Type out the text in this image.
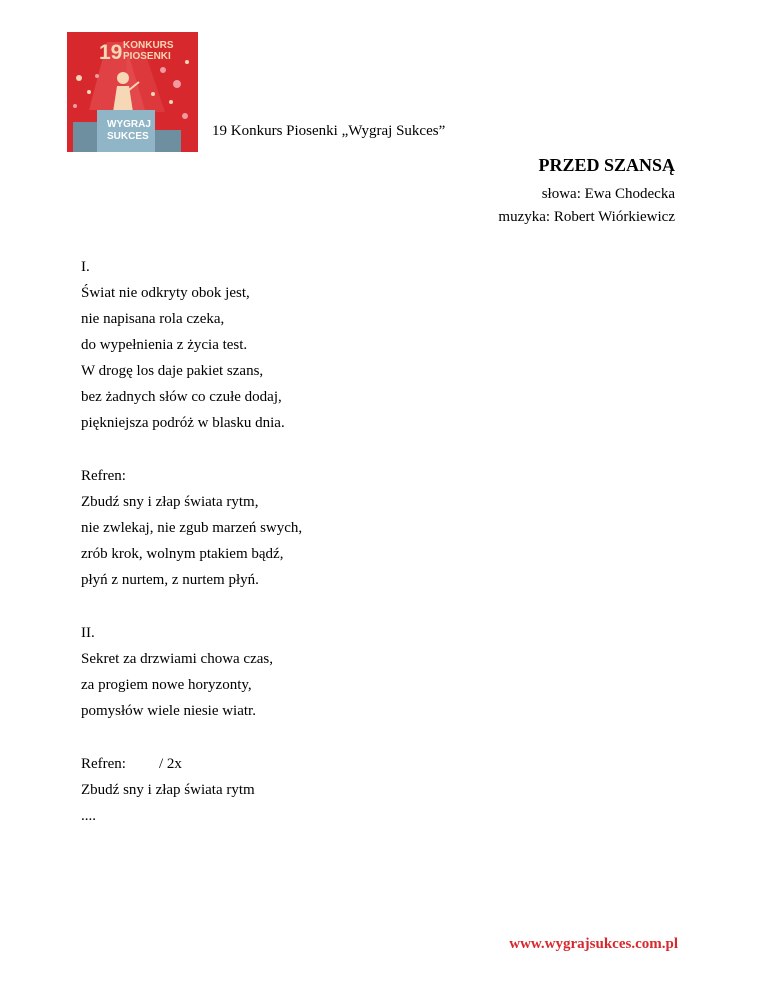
19 KONKURS
PIOSENKI
WYGRAJ
SUKCES	19 Konkurs Piosenki „Wygraj Sukces”
PRZED SZANSĄ
słowa: Ewa Chodecka
muzyka: Robert Wiórkiewicz
I.
Świat nie odkryty obok jest,
nie napisana rola czeka,
do wypełnienia z życia test.
W drogę los daje pakiet szans,
bez żadnych słów co czułe dodaj,
piękniejsza podróż w blasku dnia.
Refren:
Zbudź sny i złap świata rytm,
nie zwlekaj, nie zgub marzeń swych,
zrób krok, wolnym ptakiem bądź,
płyń z nurtem, z nurtem płyń.
II.
Sekret za drzwiami chowa czas,
za progiem nowe horyzonty,
pomysłów wiele niesie wiatr.
Refren: / 2x
Zbudź sny i złap świata rytm
....
www.wygrajsukces.com.pl
